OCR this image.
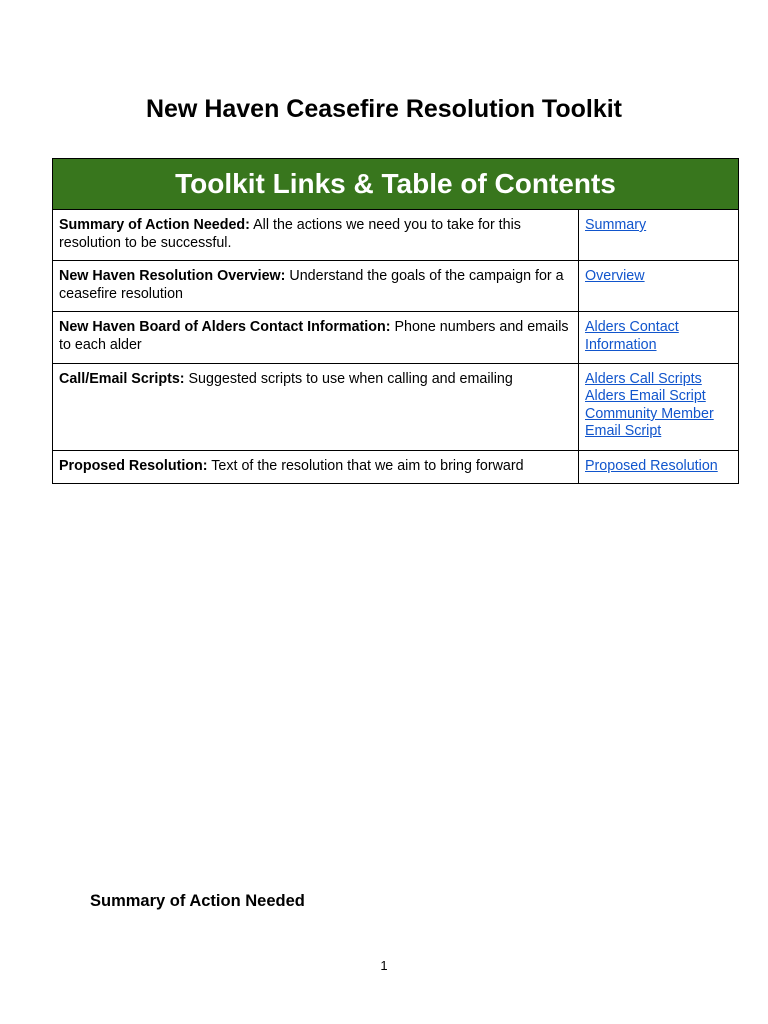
New Haven Ceasefire Resolution Toolkit
Toolkit Links & Table of Contents	
Summary of Action Needed: All the actions we need you to take for this resolution to be successful.	Summary

New Haven Resolution Overview: Understand the goals of the campaign for a ceasefire resolution	Overview

New Haven Board of Alders Contact Information: Phone numbers and emails to each alder	Alders Contact Information

Call/Email Scripts: Suggested scripts to use when calling and emailing	Alders Call Scripts
Alders Email Script
Community Member Email Script

Proposed Resolution: Text of the resolution that we aim to bring forward	Proposed Resolution
Summary of Action Needed
1
